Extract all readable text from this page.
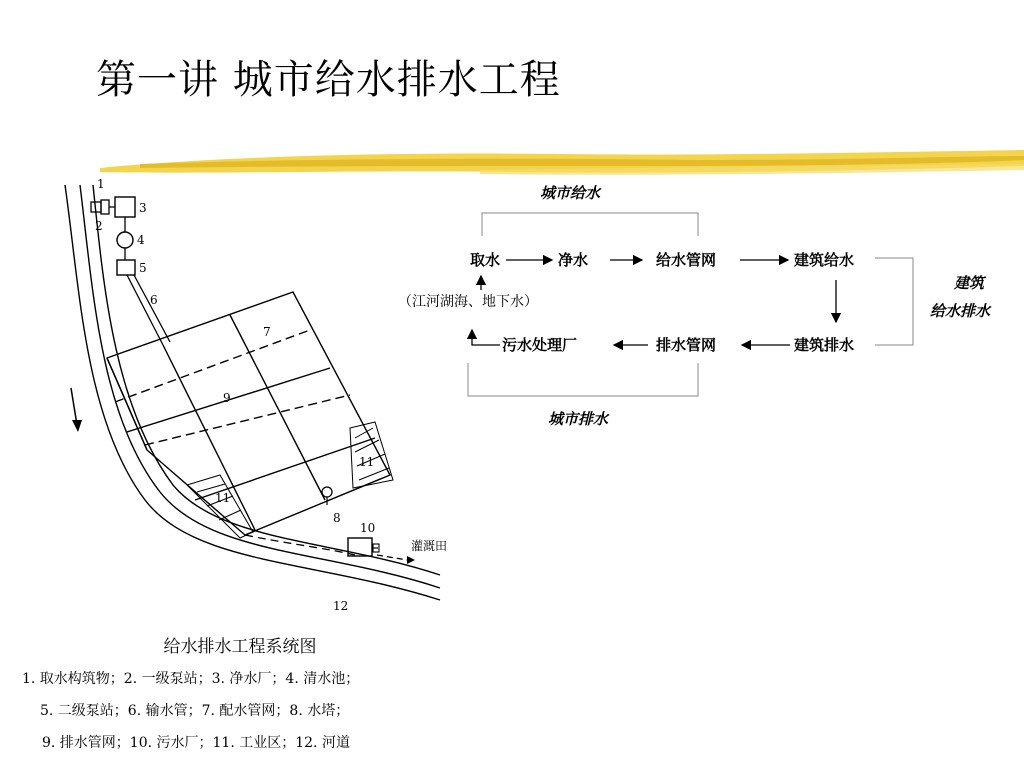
第一讲 城市给水排水工程
灌溉田
1
2
3
4
5
6
7
9
11
11
8
10
12
城市给水
城市排水
建筑
给水排水
取水	净水	给水管网	建筑给水
（江河湖海、地下水）
污水处理厂	排水管网	建筑排水
给水排水工程系统图
1. 取水构筑物；2. 一级泵站；3. 净水厂；4. 清水池；
5. 二级泵站；6. 输水管；7. 配水管网；8. 水塔；
9. 排水管网；10. 污水厂；11. 工业区；12. 河道
